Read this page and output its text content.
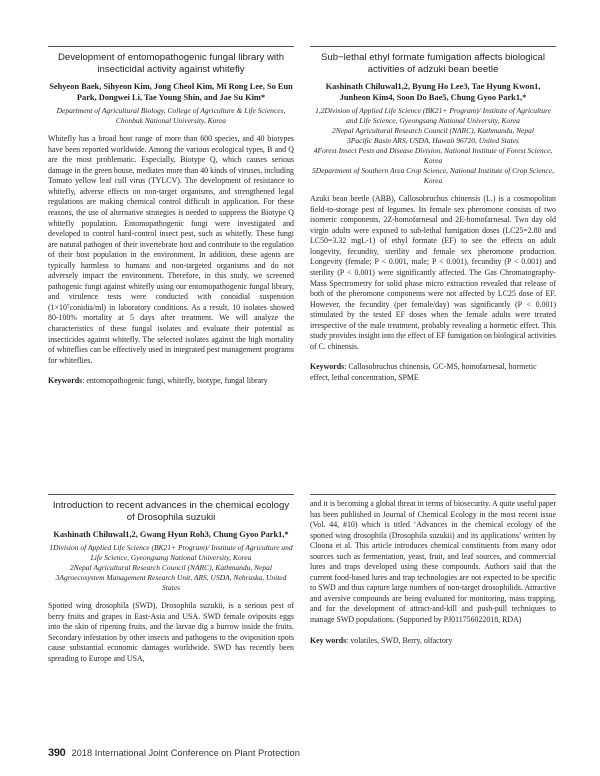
Development of entomopathogenic fungal library with insecticidal activity against whitefly
Sehyeon Baek, Sihyeon Kim, Jong Cheol Kim, Mi Rong Lee, So Eun Park, Dongwei Li, Tae Young Shin, and Jae Su Kim*
Department of Agricultural Biology, College of Agriculture & Life Sciences, Chonbuk National University, Korea

Whitefly has a broad host range of more than 600 species, and 40 biotypes have been reported worldwide. Among the various ecological types, B and Q are the most problematic. Especially, Biotype Q, which causes serious damage in the green house, mediates more than 40 kinds of viruses, including Tomato yellow leaf cull virus (TYLCV). The development of resistance to whitefly, adverse effects on non-target organisms, and strengthened legal regulations are making chemical control difficult in application. For these reasons, the use of alternative strategies is needed to suppress the Biotype Q whitefly population. Entomopathogenic fungi were investigated and developed to control hard-control insect pest, such as whitefly. These fungi are natural pathogen of their invertebrate host and contribute to the regulation of their host population in the environment. In addition, these agents are typically harmless to humans and non-targeted organisms and do not adversely impact the environment. Therefore, in this study, we screened pathogenic fungi against whitefly using our entomopathogenic fungal library, and virulence tests were conducted with conoidial suspension (1×10⁷conidia/ml) in laboratory conditions. As a result, 10 isolates showed 80-100% mortality at 5 days after treatment. We will analyze the characteristics of these fungal isolates and evaluate their potential as insecticides against whitefly. The selected isolates against the high mortality of whiteflies can be effectively used in integrated pest management programs for whiteflies.

Keywords: entomopathogenic fungi, whitefly, biotype, fungal library
Sub−lethal ethyl formate fumigation affects biological activities of adzuki bean beetle
Kashinath Chiluwal1,2, Byung Ho Lee3, Tae Hyung Kwon1, Junheon Kim4, Soon Do Bae5, Chung Gyoo Park1,*
1,2Division of Applied Life Science (BK21+ Program)/ Institute of Agriculture and Life Science, Gyeongsang National University, Korea
2Nepal Agricultural Research Council (NARC), Kathmandu, Nepal
3Pacific Basin ARS, USDA, Hawaii 96720, United States
4Forest Insect Pests and Disease Division, National Institute of Forest Science, Korea
5Department of Southern Area Crop Science, National Institute of Crop Science, Korea

Azuki bean beetle (ABB), Callosobruchus chinensis (L.) is a cosmopolitan field-to-storage pest of legumes. Its female sex pheromone consists of two isomeric components, 2Z-homofarnesal and 2E-homofarnesal. Two day old virgin adults were exposed to sub-lethal fumigation doses (LC25=2.80 and LC50=3.32 mgL-1) of ethyl formate (EF) to see the effects on adult longevity, fecundity, sterility and female sex pheromone production. Longevity (female; P < 0.001, male; P < 0.001), fecundity (P < 0.001) and sterility (P < 0.001) were significantly affected. The Gas Chromatography-Mass Spectrometry for solid phase micro extraction revealed that release of both of the pheromone components were not affected by LC25 dose of EF. However, the fecundity (per female/day) was significantly (P < 0.001) stimulated by the tested EF doses when the female adults were treated irrespective of the male treatment, probably revealing a hormetic effect. This study provides insight into the effect of EF fumigation on biological activities of C. chinensis.

Keywords: Callosobruchus chinensis, GC-MS, homofarnesal, hormetic effect, lethal concentration, SPME
Introduction to recent advances in the chemical ecology of Drosophila suzukii
Kashinath Chiluwal1,2, Gwang Hyun Roh3, Chung Gyoo Park1,*
1Division of Applied Life Science (BK21+ Program)/ Institute of Agriculture and Life Science, Gyeongsang National University, Korea
2Nepal Agricultural Research Council (NARC), Kathmandu, Nepal
3Agroecosystem Management Research Unit, ARS, USDA, Nebraska, United States

Spotted wing drosophila (SWD), Drosophila suzukii, is a serious pest of berry fruits and grapes in East-Asia and USA. SWD female oviposits eggs into the skin of ripening fruits, and the larvae dig a burrow inside the fruits. Secondary infestation by other insects and pathogens to the oviposition spots cause substantial economic damages worldwide. SWD has recently been spreading to Europe and USA,

and it is becoming a global threat in terms of biosecurity. A quite useful paper has been published in Journal of Chemical Ecology in the most recent issue (Vol. 44, #10) which is titled ‘Advances in the chemical ecology of the spotted wing drosophila (Drosophila suzukii) and its applications’ written by Cloona et al. This article introduces chemical constituents from many odor sources such as fermentation, yeast, fruit, and leaf sources, and commercial lures and traps developed using these compounds. Authors said that the current food-based lures and trap technologies are not expected to be specific to SWD and thus capture large numbers of non-target drosophilids. Attractive and aversive compounds are being evaluated for monitoring, mass trapping, and for the development of attract-and-kill and push-pull techniques to manage SWD populations. (Supported by PJ011756022018, RDA)

Key words: volatiles, SWD, Berry, olfactory
390 2018 International Joint Conference on Plant Protection
